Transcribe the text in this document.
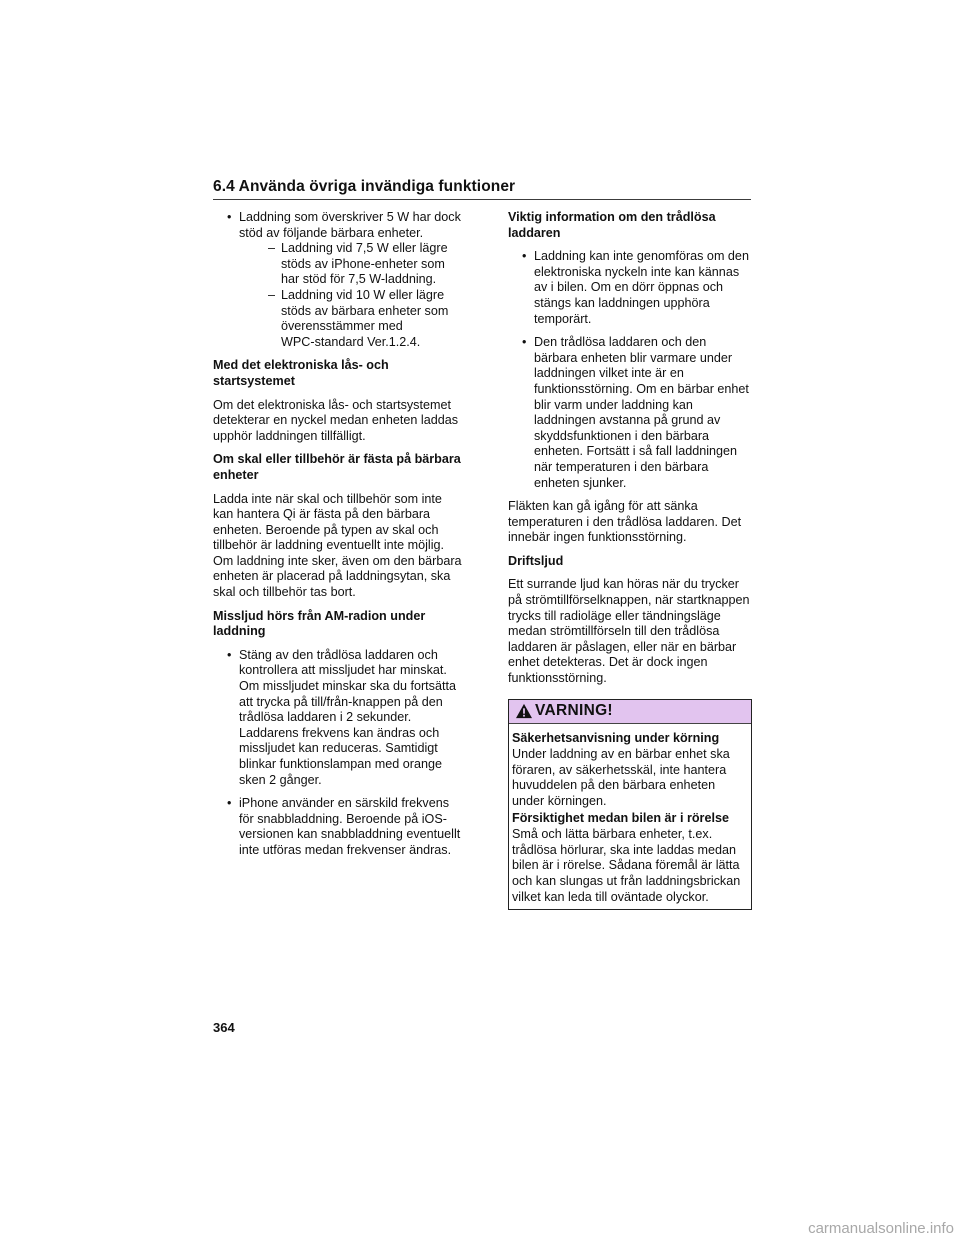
6.4 Använda övriga invändiga funktioner
• Laddning som överskriver 5 W har dock stöd av följande bärbara enheter.
– Laddning vid 7,5 W eller lägre stöds av iPhone-enheter som har stöd för 7,5 W-laddning.
– Laddning vid 10 W eller lägre stöds av bärbara enheter som överensstämmer med
WPC-standard Ver.1.2.4.
Med det elektroniska lås- och startsystemet

Om det elektroniska lås- och startsystemet detekterar en nyckel medan enheten laddas upphör laddningen tillfälligt.

Om skal eller tillbehör är fästa på bärbara enheter

Ladda inte när skal och tillbehör som inte kan hantera Qi är fästa på den bärbara enheten. Beroende på typen av skal och tillbehör är laddning eventuellt inte möjlig. Om laddning inte sker, även om den bärbara enheten är placerad på laddningsytan, ska skal och tillbehör tas bort.

Missljud hörs från AM-radion under laddning
• Stäng av den trådlösa laddaren och kontrollera att missljudet har minskat. Om missljudet minskar ska du fortsätta att trycka på till/från-knappen på den trådlösa laddaren i 2 sekunder. Laddarens frekvens kan ändras och missljudet kan reduceras. Samtidigt blinkar funktionslampan med orange sken 2 gånger.
• iPhone använder en särskild frekvens för snabbladdning. Beroende på iOS-versionen kan snabbladdning eventuellt inte utföras medan frekvenser ändras.
Viktig information om den trådlösa laddaren
• Laddning kan inte genomföras om den elektroniska nyckeln inte kan kännas av i bilen. Om en dörr öppnas och stängs kan laddningen upphöra temporärt.
• Den trådlösa laddaren och den bärbara enheten blir varmare under laddningen vilket inte är en funktionsstörning. Om en bärbar enhet blir varm under laddning kan laddningen avstanna på grund av skyddsfunktionen i den bärbara enheten. Fortsätt i så fall laddningen när temperaturen i den bärbara enheten sjunker.

Fläkten kan gå igång för att sänka temperaturen i den trådlösa laddaren. Det innebär ingen funktionsstörning.

Driftsljud

Ett surrande ljud kan höras när du trycker på strömtillförselknappen, när startknappen trycks till radioläge eller tändningsläge medan strömtillförseln till den trådlösa laddaren är påslagen, eller när en bärbar enhet detekteras. Det är dock ingen funktionsstörning.

VARNING!
Säkerhetsanvisning under körning

Under laddning av en bärbar enhet ska föraren, av säkerhetsskäl, inte hantera huvuddelen på den bärbara enheten under körningen.

Försiktighet medan bilen är i rörelse

Små och lätta bärbara enheter, t.ex. trådlösa hörlurar, ska inte laddas medan bilen är i rörelse. Sådana föremål är lätta och kan slungas ut från laddningsbrickan vilket kan leda till oväntade olyckor.

364
carmanualsonline.info
